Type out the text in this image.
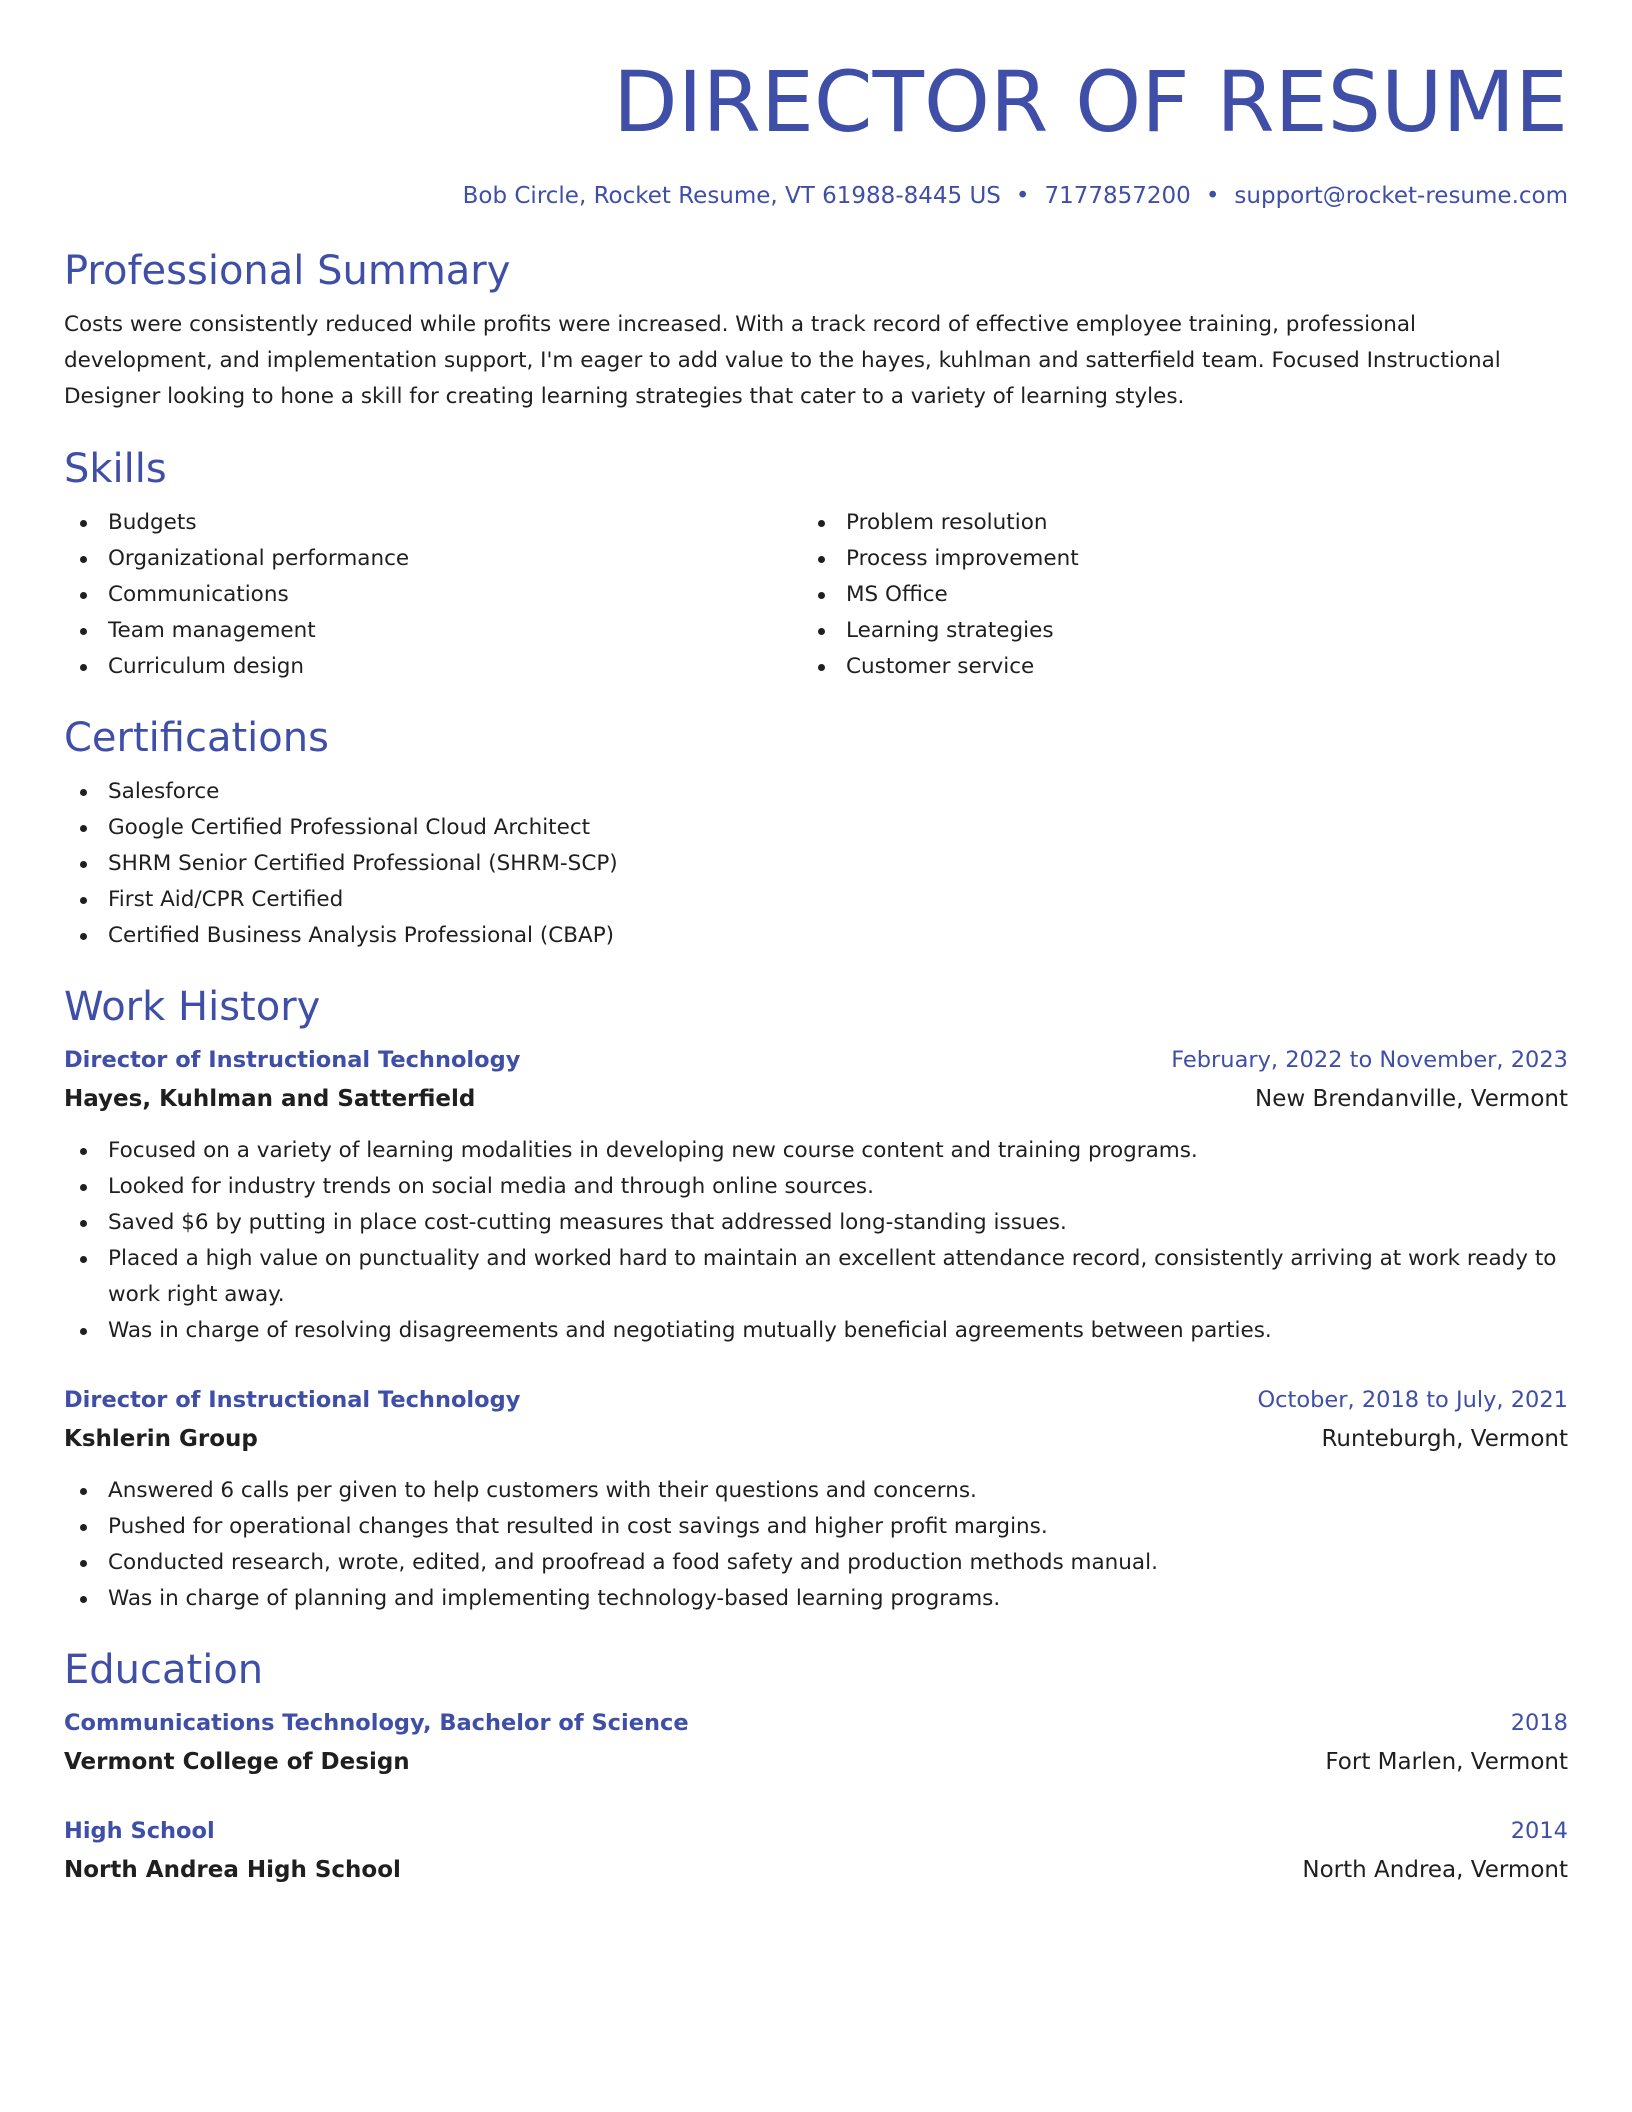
DIRECTOR OF RESUME
Bob Circle, Rocket Resume, VT 61988-8445 US • 7177857200 • support@rocket-resume.com
Professional Summary

Costs were consistently reduced while profits were increased. With a track record of effective employee training, professional development, and implementation support, I'm eager to add value to the hayes, kuhlman and satterfield team. Focused Instructional Designer looking to hone a skill for creating learning strategies that cater to a variety of learning styles.

Skills
Budgets
Organizational performance
Communications
Team management
Curriculum design
Problem resolution
Process improvement
MS Office
Learning strategies
Customer service
Certifications
Salesforce
Google Certified Professional Cloud Architect
SHRM Senior Certified Professional (SHRM-SCP)
First Aid/CPR Certified
Certified Business Analysis Professional (CBAP)
Work History
Director of Instructional Technology	February, 2022 to November, 2023
Hayes, Kuhlman and Satterfield	New Brendanville, Vermont
Focused on a variety of learning modalities in developing new course content and training programs.
Looked for industry trends on social media and through online sources.
Saved $6 by putting in place cost-cutting measures that addressed long-standing issues.
Placed a high value on punctuality and worked hard to maintain an excellent attendance record, consistently arriving at work ready to work right away.
Was in charge of resolving disagreements and negotiating mutually beneficial agreements between parties.
Director of Instructional Technology	October, 2018 to July, 2021
Kshlerin Group	Runteburgh, Vermont
Answered 6 calls per given to help customers with their questions and concerns.
Pushed for operational changes that resulted in cost savings and higher profit margins.
Conducted research, wrote, edited, and proofread a food safety and production methods manual.
Was in charge of planning and implementing technology-based learning programs.
Education
Communications Technology, Bachelor of Science	2018
Vermont College of Design	Fort Marlen, Vermont
High School	2014
North Andrea High School	North Andrea, Vermont
